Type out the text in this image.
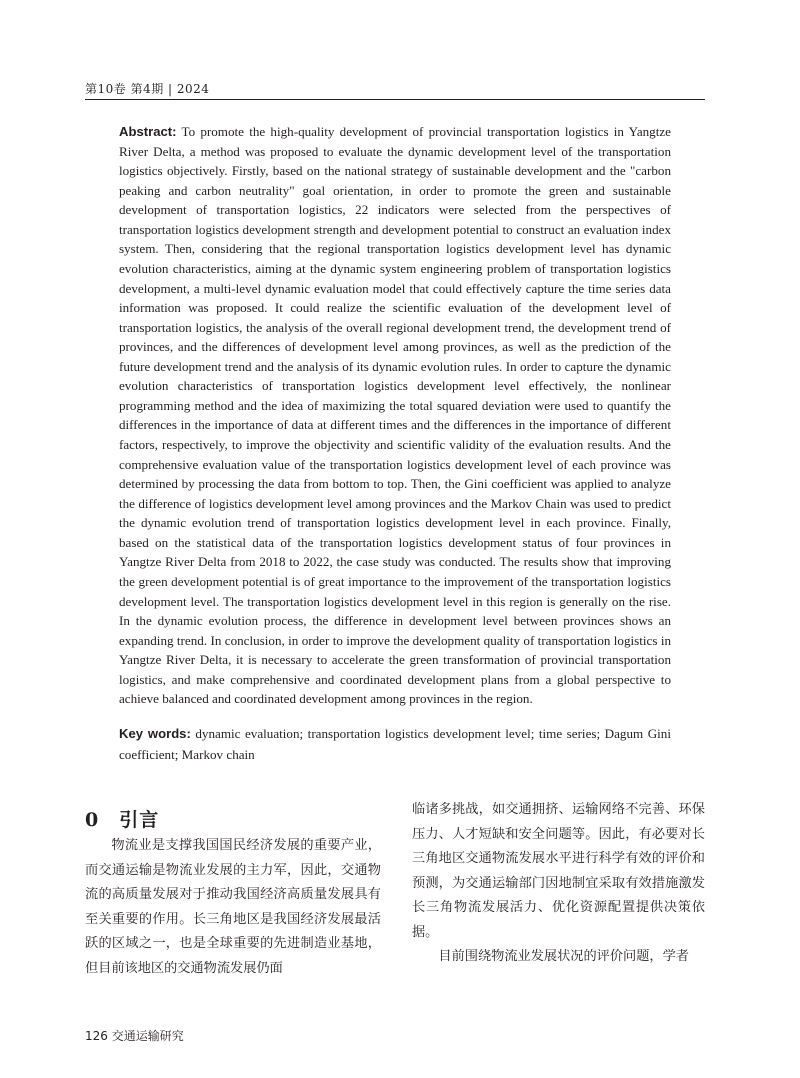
第10卷 第4期 | 2024
Abstract: To promote the high-quality development of provincial transportation logistics in Yangtze River Delta, a method was proposed to evaluate the dynamic development level of the transportation logistics objectively. Firstly, based on the national strategy of sustainable development and the "carbon peaking and carbon neutrality" goal orientation, in order to promote the green and sustainable development of transportation logistics, 22 indicators were selected from the perspectives of transportation logistics development strength and development potential to construct an evaluation index system. Then, considering that the regional transportation logistics development level has dynamic evolution characteristics, aiming at the dynamic system engineering problem of transportation logistics development, a multi-level dynamic evaluation model that could effectively capture the time series data information was proposed. It could realize the scientific evaluation of the development level of transportation logistics, the analysis of the overall regional development trend, the development trend of provinces, and the differences of development level among provinces, as well as the prediction of the future development trend and the analysis of its dynamic evolution rules. In order to capture the dynamic evolution characteristics of transportation logistics development level effectively, the nonlinear programming method and the idea of maximizing the total squared deviation were used to quantify the differences in the importance of data at different times and the differences in the importance of different factors, respectively, to improve the objectivity and scientific validity of the evaluation results. And the comprehensive evaluation value of the transportation logistics development level of each province was determined by processing the data from bottom to top. Then, the Gini coefficient was applied to analyze the difference of logistics development level among provinces and the Markov Chain was used to predict the dynamic evolution trend of transportation logistics development level in each province. Finally, based on the statistical data of the transportation logistics development status of four provinces in Yangtze River Delta from 2018 to 2022, the case study was conducted. The results show that improving the green development potential is of great importance to the improvement of the transportation logistics development level. The transportation logistics development level in this region is generally on the rise. In the dynamic evolution process, the difference in development level between provinces shows an expanding trend. In conclusion, in order to improve the development quality of transportation logistics in Yangtze River Delta, it is necessary to accelerate the green transformation of provincial transportation logistics, and make comprehensive and coordinated development plans from a global perspective to achieve balanced and coordinated development among provinces in the region.
Key words: dynamic evaluation; transportation logistics development level; time series; Dagum Gini coefficient; Markov chain
0　引言

物流业是支撑我国国民经济发展的重要产业，而交通运输是物流业发展的主力军，因此，交通物流的高质量发展对于推动我国经济高质量发展具有至关重要的作用。长三角地区是我国经济发展最活跃的区域之一，也是全球重要的先进制造业基地，但目前该地区的交通物流发展仍面

临诸多挑战，如交通拥挤、运输网络不完善、环保压力、人才短缺和安全问题等。因此，有必要对长三角地区交通物流发展水平进行科学有效的评价和预测，为交通运输部门因地制宜采取有效措施激发长三角物流发展活力、优化资源配置提供决策依据。

目前围绕物流业发展状况的评价问题，学者

126 交通运输研究
